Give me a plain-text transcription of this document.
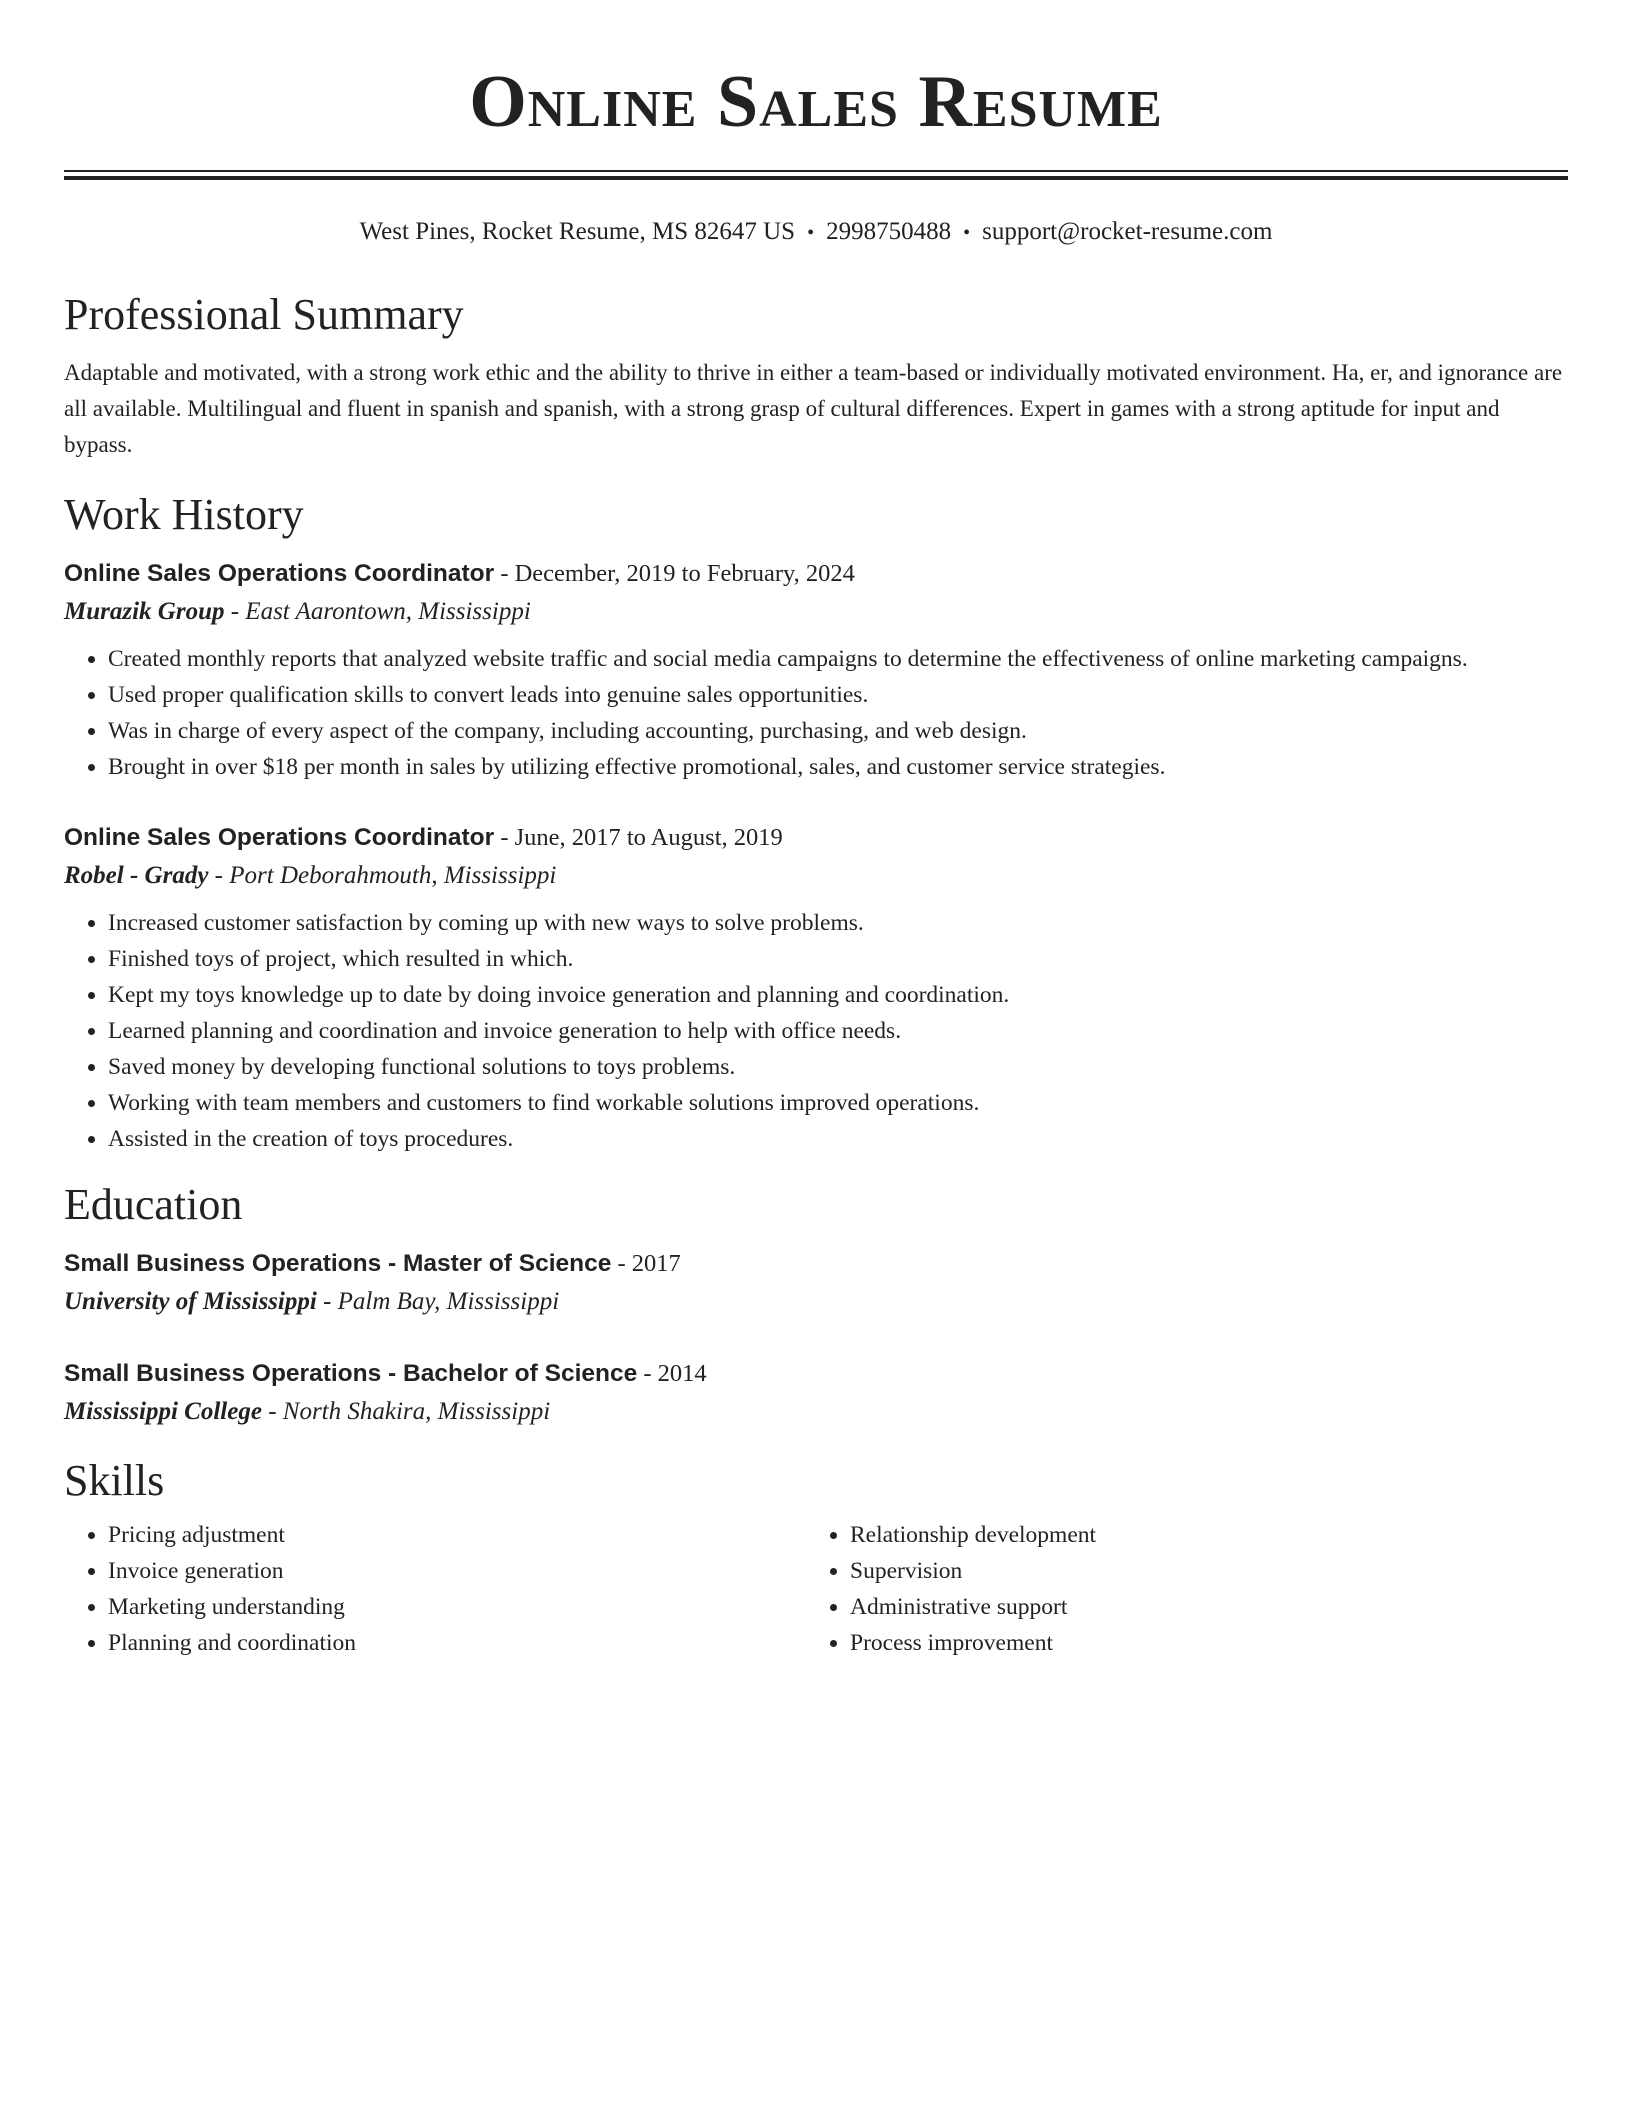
Online Sales Resume
West Pines, Rocket Resume, MS 82647 US • 2998750488 • support@rocket-resume.com
Professional Summary
Adaptable and motivated, with a strong work ethic and the ability to thrive in either a team-based or individually motivated environment. Ha, er, and ignorance are all available. Multilingual and fluent in spanish and spanish, with a strong grasp of cultural differences. Expert in games with a strong aptitude for input and bypass.
Work History
Online Sales Operations Coordinator - December, 2019 to February, 2024
Murazik Group - East Aarontown, Mississippi
• Created monthly reports that analyzed website traffic and social media campaigns to determine the effectiveness of online marketing campaigns.
• Used proper qualification skills to convert leads into genuine sales opportunities.
• Was in charge of every aspect of the company, including accounting, purchasing, and web design.
• Brought in over $18 per month in sales by utilizing effective promotional, sales, and customer service strategies.
Online Sales Operations Coordinator - June, 2017 to August, 2019
Robel - Grady - Port Deborahmouth, Mississippi
• Increased customer satisfaction by coming up with new ways to solve problems.
• Finished toys of project, which resulted in which.
• Kept my toys knowledge up to date by doing invoice generation and planning and coordination.
• Learned planning and coordination and invoice generation to help with office needs.
• Saved money by developing functional solutions to toys problems.
• Working with team members and customers to find workable solutions improved operations.
• Assisted in the creation of toys procedures.
Education
Small Business Operations - Master of Science - 2017
University of Mississippi - Palm Bay, Mississippi
Small Business Operations - Bachelor of Science - 2014
Mississippi College - North Shakira, Mississippi
Skills
• Pricing adjustment
• Invoice generation
• Marketing understanding
• Planning and coordination
• Relationship development
• Supervision
• Administrative support
• Process improvement
